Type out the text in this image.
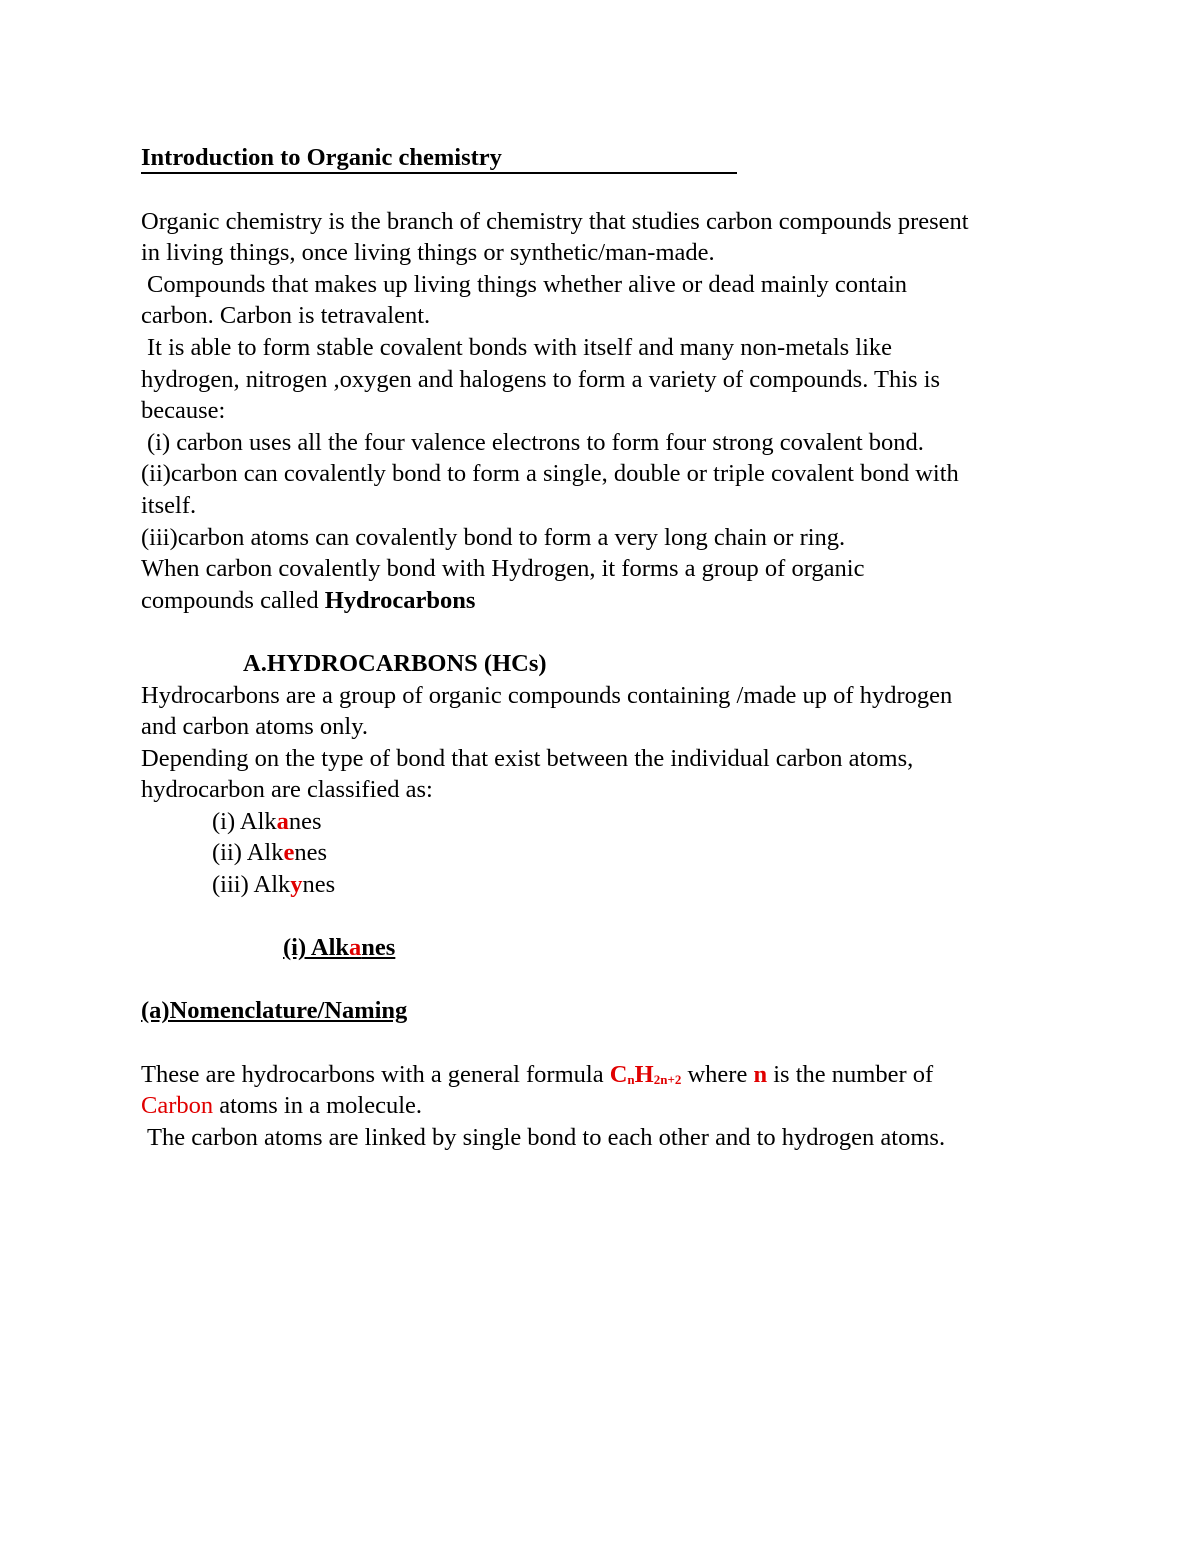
Introduction to Organic chemistry

Organic chemistry is the branch of chemistry that studies carbon compounds present

in living things, once living things or synthetic/man-made.

Compounds that makes up living things whether alive or dead mainly contain

carbon. Carbon is tetravalent.

It is able to form stable covalent bonds with itself and many non-metals like

hydrogen, nitrogen ,oxygen and halogens to form a variety of compounds. This is

because:

(i) carbon uses all the four valence electrons to form four strong covalent bond.

(ii)carbon can covalently bond to form a single, double or triple covalent bond with

itself.

(iii)carbon atoms can covalently bond to form a very long chain or ring.

When carbon covalently bond with Hydrogen, it forms a group of organic

compounds called Hydrocarbons

A.HYDROCARBONS (HCs)

Hydrocarbons are a group of organic compounds containing /made up of hydrogen

and carbon atoms only.

Depending on the type of bond that exist between the individual carbon atoms,

hydrocarbon are classified as:

(i) Alkanes

(ii) Alkenes

(iii) Alkynes

(i) Alkanes

(a)Nomenclature/Naming

These are hydrocarbons with a general formula $C_nH_{2n+2}$ where n is the number of

Carbon atoms in a molecule.

The carbon atoms are linked by single bond to each other and to hydrogen atoms.
